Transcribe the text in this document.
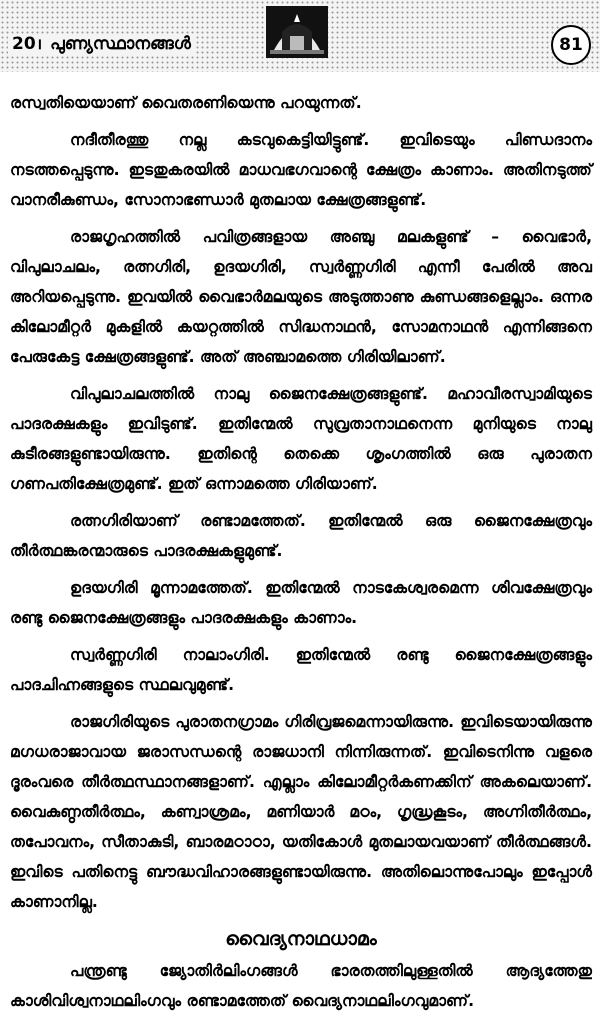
20। പുണ്യസ്ഥാനങ്ങൾ	81

രസ്വതിയെയാണ് വൈതരണിയെന്നു പറയുന്നത്.

നദീതീരത്തു നല്ല കടവുകെട്ടിയിട്ടുണ്ട്. ഇവിടെയും പിണ്ഡദാനം നടത്തപ്പെടുന്നു. ഇടതുകരയിൽ മാധവഭഗവാന്റെ ക്ഷേത്രം കാണാം. അതിനടുത്ത് വാനരീകുണ്ഡം, സോനാഭണ്ഡാർ മുതലായ ക്ഷേത്രങ്ങളുണ്ട്.

രാജഗൃഹത്തിൽ പവിത്രങ്ങളായ അഞ്ചു മലകളുണ്ട് – വൈഭാർ, വിപുലാചലം, രത്നഗിരി, ഉദയഗിരി, സ്വർണ്ണഗിരി എന്നീ പേരിൽ അവ അറിയപ്പെടുന്നു. ഇവയിൽ വൈഭാർമലയുടെ അടുത്താണു കുണ്ഡങ്ങളെല്ലാം. ഒന്നര കിലോമീറ്റർ മുകളിൽ കയറ്റത്തിൽ സിദ്ധനാഥൻ, സോമനാഥൻ എന്നിങ്ങനെ പേരുകേട്ട ക്ഷേത്രങ്ങളുണ്ട്. അത് അഞ്ചാമത്തെ ഗിരിയിലാണ്.

വിപുലാചലത്തിൽ നാലു ജൈനക്ഷേത്രങ്ങളുണ്ട്. മഹാവീരസ്വാമിയുടെ പാദരക്ഷകളും ഇവിടുണ്ട്. ഇതിന്മേൽ സുവ്രതാനാഥനെന്ന മുനിയുടെ നാലു കുടീരങ്ങളുണ്ടായിരുന്നു. ഇതിന്റെ തെക്കെ ശൃംഗത്തിൽ ഒരു പുരാതന ഗണപതിക്ഷേത്രമുണ്ട്. ഇത് ഒന്നാമത്തെ ഗിരിയാണ്.

രത്നഗിരിയാണ് രണ്ടാമത്തേത്. ഇതിന്മേൽ ഒരു ജൈനക്ഷേത്രവും തീർത്ഥങ്കരന്മാരുടെ പാദരക്ഷകളുമുണ്ട്.

ഉദയഗിരി മൂന്നാമത്തേത്. ഇതിന്മേൽ നാടകേശ്വരമെന്ന ശിവക്ഷേത്രവും രണ്ടു ജൈനക്ഷേത്രങ്ങളും പാദരക്ഷകളും കാണാം.

സ്വർണ്ണഗിരി നാലാംഗിരി. ഇതിന്മേൽ രണ്ടു ജൈനക്ഷേത്രങ്ങളും പാദചിഹ്നങ്ങളുടെ സ്ഥലവുമുണ്ട്.

രാജഗിരിയുടെ പുരാതനഗ്രാമം ഗിരിവ്രജമെന്നായിരുന്നു. ഇവിടെയായിരുന്നു മഗധരാജാവായ ജരാസന്ധന്റെ രാജധാനി നിന്നിരുന്നത്. ഇവിടെനിന്നു വളരെ ദൂരംവരെ തീർത്ഥസ്ഥാനങ്ങളാണ്. എല്ലാം കിലോമീറ്റർകണക്കിന് അകലെയാണ്. വൈകുണ്ഠതീർത്ഥം, കണ്വാശ്രമം, മണിയാർ മഠം, ഗൃദ്ധ്രകൂടം, അഗ്നിതീർത്ഥം, തപോവനം, സീതാകുടി, ബാരമഠാഠാ, യതികോൾ മുതലായവയാണ് തീർത്ഥങ്ങൾ. ഇവിടെ പതിനെട്ടു ബൗദ്ധവിഹാരങ്ങളുണ്ടായിരുന്നു. അതിലൊന്നുപോലും ഇപ്പോൾ കാണാനില്ല.

വൈദ്യനാഥധാമം

പന്ത്രണ്ടു ജ്യോതിർലിംഗങ്ങൾ ഭാരതത്തിലുള്ളതിൽ ആദ്യത്തേതു കാശിവിശ്വനാഥലിംഗവും രണ്ടാമത്തേത് വൈദ്യനാഥലിംഗവുമാണ്.
